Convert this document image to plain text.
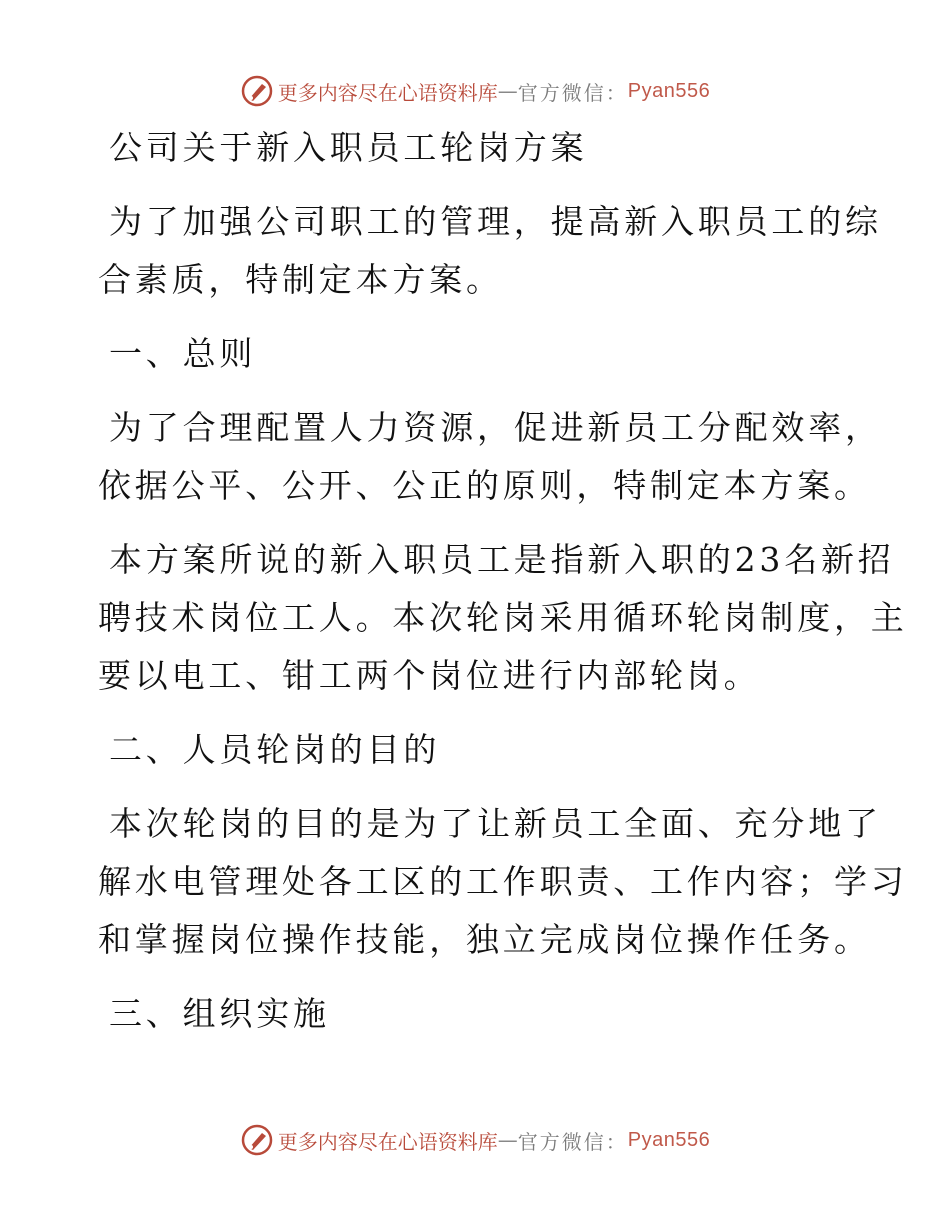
更多内容尽在心语资料库 — 官方微信： Pyan556
公司关于新入职员工轮岗方案
为了加强公司职工的管理，提高新入职员工的综
合素质，特制定本方案。
一、总则
为了合理配置人力资源，促进新员工分配效率，
依据公平、公开、公正的原则，特制定本方案。
本方案所说的新入职员工是指新入职的23名新招
聘技术岗位工人。本次轮岗采用循环轮岗制度，主
要以电工、钳工两个岗位进行内部轮岗。
二、人员轮岗的目的
本次轮岗的目的是为了让新员工全面、充分地了
解水电管理处各工区的工作职责、工作内容；学习
和掌握岗位操作技能，独立完成岗位操作任务。
三、组织实施
更多内容尽在心语资料库 — 官方微信： Pyan556
